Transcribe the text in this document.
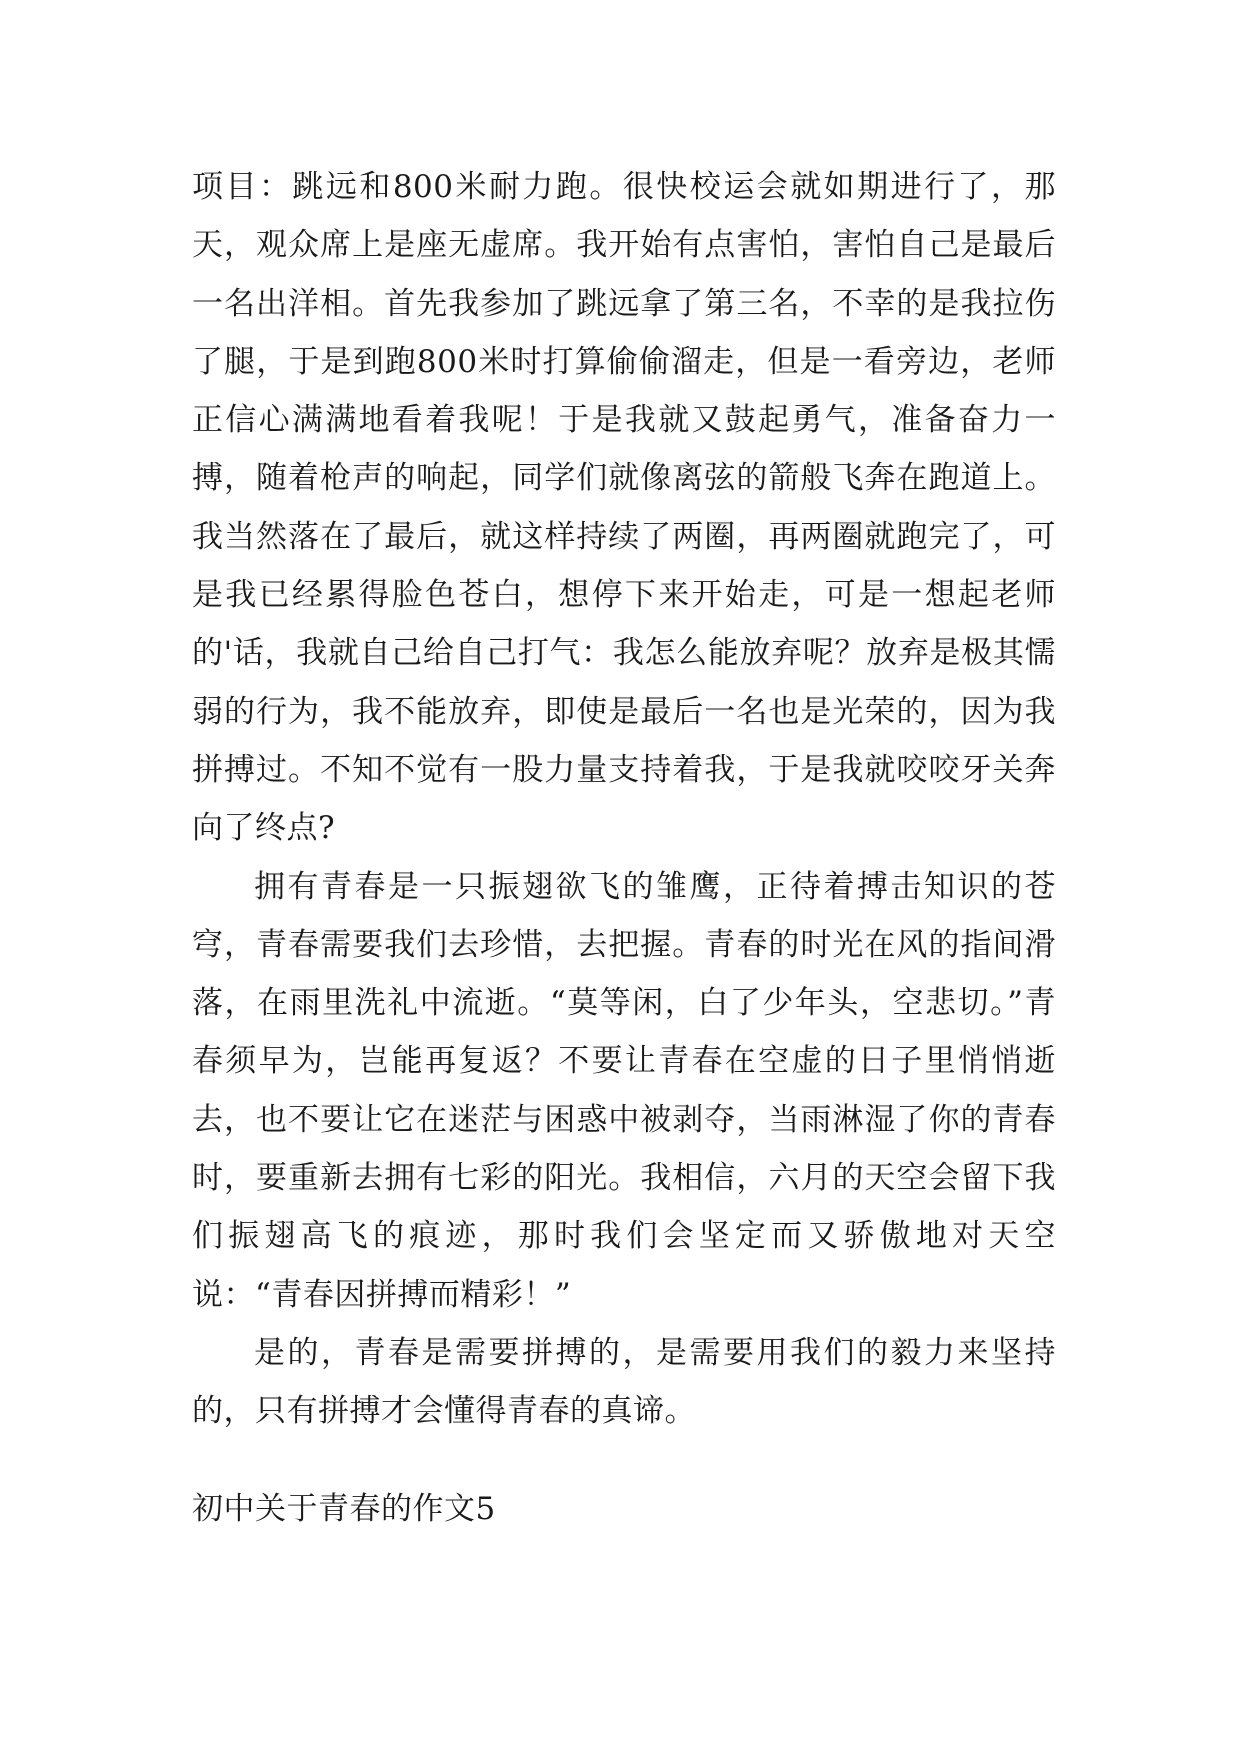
项目：跳远和800米耐力跑。很快校运会就如期进行了，那天，观众席上是座无虚席。我开始有点害怕，害怕自己是最后一名出洋相。首先我参加了跳远拿了第三名，不幸的是我拉伤了腿，于是到跑800米时打算偷偷溜走，但是一看旁边，老师正信心满满地看着我呢！于是我就又鼓起勇气，准备奋力一搏，随着枪声的响起，同学们就像离弦的箭般飞奔在跑道上。我当然落在了最后，就这样持续了两圈，再两圈就跑完了，可是我已经累得脸色苍白，想停下来开始走，可是一想起老师的'话，我就自己给自己打气：我怎么能放弃呢？放弃是极其懦弱的行为，我不能放弃，即使是最后一名也是光荣的，因为我拼搏过。不知不觉有一股力量支持着我，于是我就咬咬牙关奔向了终点?

拥有青春是一只振翅欲飞的雏鹰，正待着搏击知识的苍穹，青春需要我们去珍惜，去把握。青春的时光在风的指间滑落，在雨里洗礼中流逝。“莫等闲，白了少年头，空悲切。”青春须早为，岂能再复返？不要让青春在空虚的日子里悄悄逝去，也不要让它在迷茫与困惑中被剥夺，当雨淋湿了你的青春时，要重新去拥有七彩的阳光。我相信，六月的天空会留下我们振翅高飞的痕迹，那时我们会坚定而又骄傲地对天空说：“青春因拼搏而精彩！”

是的，青春是需要拼搏的，是需要用我们的毅力来坚持的，只有拼搏才会懂得青春的真谛。

初中关于青春的作文5
